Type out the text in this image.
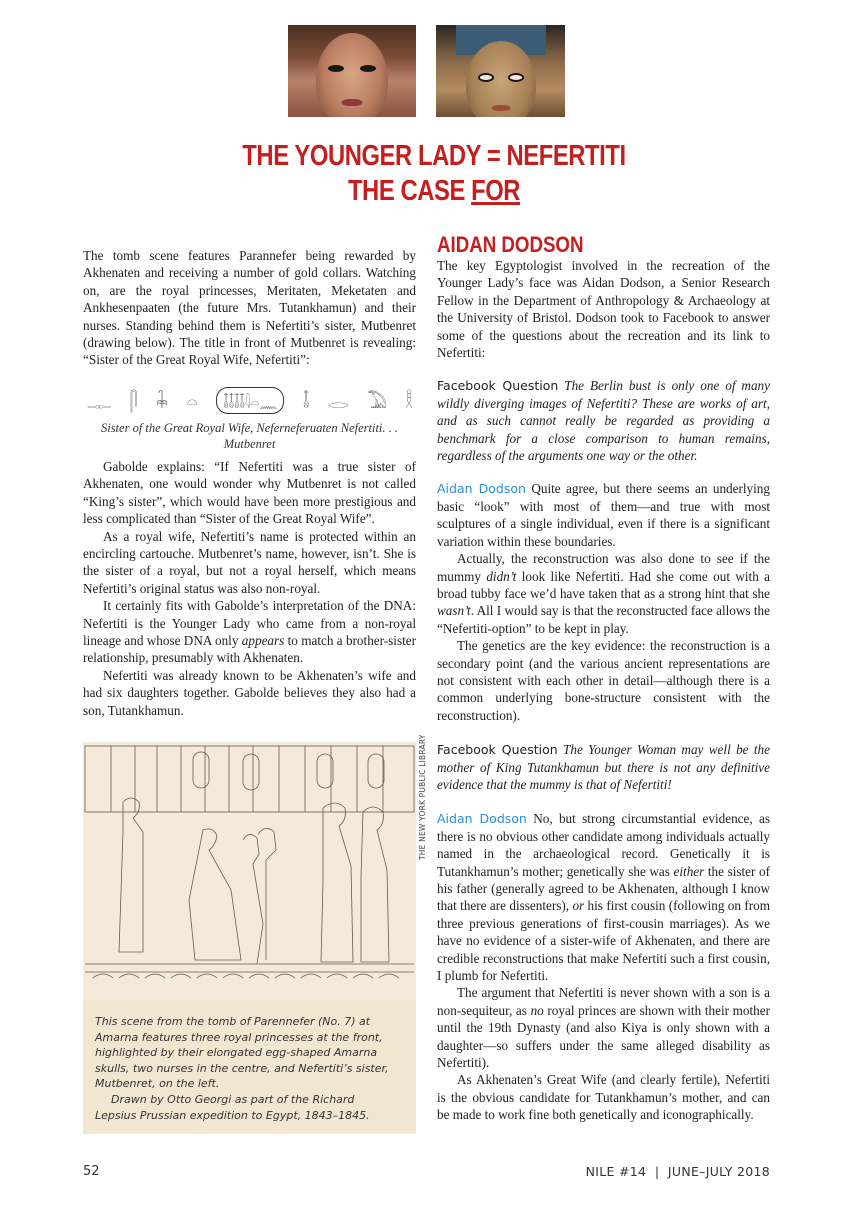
THE YOUNGER LADY = NEFERTITI
THE CASE FOR

The tomb scene features Parannefer being rewarded by Akhenaten and receiving a number of gold collars. Watching on, are the royal princesses, Meritaten, Meketaten and Ankhesenpaaten (the future Mrs. Tutankhamun) and their nurses. Standing behind them is Nefertiti’s sister, Mutbenret (drawing below). The title in front of Mutbenret is revealing: “Sister of the Great Royal Wife, Nefertiti”:

𓊃 𓋴 𓇓 𓏏	𓄤𓄤𓄤𓄤𓇋𓏏𓈖	𓄤 𓂋 𓅐 𓎛
Sister of the Great Royal Wife, Neferneferuaten Nefertiti. . . Mutbenret

Gabolde explains: “If Nefertiti was a true sister of Akhenaten, one would wonder why Mutbenret is not called “King’s sister”, which would have been more prestigious and less complicated than “Sister of the Great Royal Wife”.

As a royal wife, Nefertiti’s name is protected within an encircling cartouche. Mutbenret’s name, however, isn’t. She is the sister of a royal, but not a royal herself, which means Nefertiti’s original status was also non-royal.

It certainly fits with Gabolde’s interpretation of the DNA: Nefertiti is the Younger Lady who came from a non-royal lineage and whose DNA only appears to match a brother-sister relationship, presumably with Akhenaten.

Nefertiti was already known to be Akhenaten’s wife and had six daughters together. Gabolde believes they also had a son, Tutankhamun.

This scene from the tomb of Parennefer (No. 7) at Amarna features three royal princesses at the front, highlighted by their elongated egg-shaped Amarna skulls, two nurses in the centre, and Nefertiti’s sister, Mutbenret, on the left.
Drawn by Otto Georgi as part of the Richard Lepsius Prussian expedition to Egypt, 1843–1845.
THE NEW YORK PUBLIC LIBRARY
AIDAN DODSON

The key Egyptologist involved in the recreation of the Younger Lady’s face was Aidan Dodson, a Senior Research Fellow in the Department of Anthropology & Archaeology at the University of Bristol. Dodson took to Facebook to answer some of the questions about the recreation and its link to Nefertiti:

Facebook Question The Berlin bust is only one of many wildly diverging images of Nefertiti? These are works of art, and as such cannot really be regarded as providing a benchmark for a close comparison to human remains, regardless of the arguments one way or the other.

Aidan Dodson Quite agree, but there seems an underlying basic “look” with most of them—and true with most sculptures of a single individual, even if there is a significant variation within these boundaries.

Actually, the reconstruction was also done to see if the mummy didn’t look like Nefertiti. Had she come out with a broad tubby face we’d have taken that as a strong hint that she wasn’t. All I would say is that the reconstructed face allows the “Nefertiti-option” to be kept in play.

The genetics are the key evidence: the reconstruction is a secondary point (and the various ancient representations are not consistent with each other in detail—although there is a common underlying bone-structure consistent with the reconstruction).

Facebook Question The Younger Woman may well be the mother of King Tutankhamun but there is not any definitive evidence that the mummy is that of Nefertiti!

Aidan Dodson No, but strong circumstantial evidence, as there is no obvious other candidate among individuals actually named in the archaeological record. Genetically it is Tutankhamun’s mother; genetically she was either the sister of his father (generally agreed to be Akhenaten, although I know that there are dissenters), or his first cousin (following on from three previous generations of first-cousin marriages). As we have no evidence of a sister-wife of Akhenaten, and there are credible reconstructions that make Nefertiti such a first cousin, I plumb for Nefertiti.

The argument that Nefertiti is never shown with a son is a non-sequiteur, as no royal princes are shown with their mother until the 19th Dynasty (and also Kiya is only shown with a daughter—so suffers under the same alleged disability as Nefertiti).

As Akhenaten’s Great Wife (and clearly fertile), Nefertiti is the obvious candidate for Tutankhamun’s mother, and can be made to work fine both genetically and iconographically.

52	NILE #14  |  JUNE–JULY 2018
